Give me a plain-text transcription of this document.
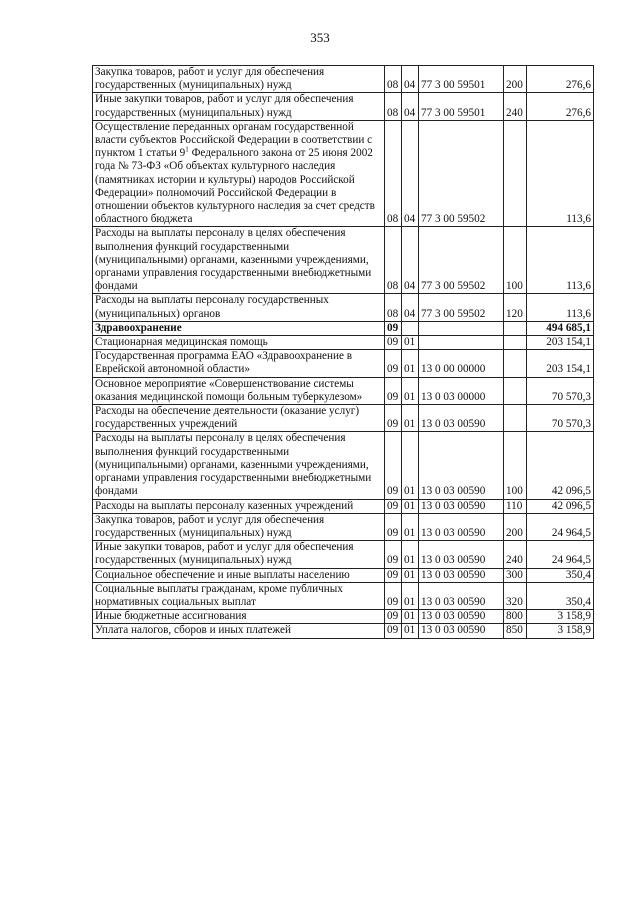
353
Закупка товаров, работ и услуг для обеспечения государственных (муниципальных) нужд	08	04	77 3 00 59501	200	276,6
Иные закупки товаров, работ и услуг для обеспечения государственных (муниципальных) нужд	08	04	77 3 00 59501	240	276,6
Осуществление переданных органам государственной власти субъектов Российской Федерации в соответствии с пунктом 1 статьи $9^1$ Федерального закона от 25 июня 2002 года № 73-ФЗ «Об объектах культурного наследия (памятниках истории и культуры) народов Российской Федерации» полномочий Российской Федерации в отношении объектов культурного наследия за счет средств областного бюджета	08	04	77 3 00 59502		113,6
Расходы на выплаты персоналу в целях обеспечения выполнения функций государственными (муниципальными) органами, казенными учреждениями, органами управления государственными внебюджетными фондами	08	04	77 3 00 59502	100	113,6
Расходы на выплаты персоналу государственных (муниципальных) органов	08	04	77 3 00 59502	120	113,6
Здравоохранение	09				494 685,1
Стационарная медицинская помощь	09	01			203 154,1
Государственная программа ЕАО «Здравоохранение в Еврейской автономной области»	09	01	13 0 00 00000		203 154,1
Основное мероприятие «Совершенствование системы оказания медицинской помощи больным туберкулезом»	09	01	13 0 03 00000		70 570,3
Расходы на обеспечение деятельности (оказание услуг) государственных учреждений	09	01	13 0 03 00590		70 570,3
Расходы на выплаты персоналу в целях обеспечения выполнения функций государственными (муниципальными) органами, казенными учреждениями, органами управления государственными внебюджетными фондами	09	01	13 0 03 00590	100	42 096,5
Расходы на выплаты персоналу казенных учреждений	09	01	13 0 03 00590	110	42 096,5
Закупка товаров, работ и услуг для обеспечения государственных (муниципальных) нужд	09	01	13 0 03 00590	200	24 964,5
Иные закупки товаров, работ и услуг для обеспечения государственных (муниципальных) нужд	09	01	13 0 03 00590	240	24 964,5
Социальное обеспечение и иные выплаты населению	09	01	13 0 03 00590	300	350,4
Социальные выплаты гражданам, кроме публичных нормативных социальных выплат	09	01	13 0 03 00590	320	350,4
Иные бюджетные ассигнования	09	01	13 0 03 00590	800	3 158,9
Уплата налогов, сборов и иных платежей	09	01	13 0 03 00590	850	3 158,9
